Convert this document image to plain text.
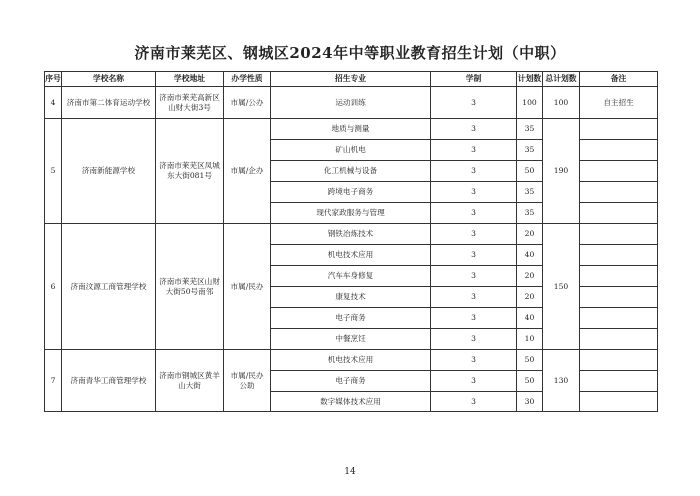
济南市莱芜区、钢城区2024年中等职业教育招生计划（中职）
序号	学校名称	学校地址	办学性质	招生专业	学制	计划数	总计划数	备注
4	济南市第二体育运动学校	济南市莱芜高新区山财大街3号	市属/公办	运动训练	3	100	100	自主招生
5	济南新能源学校	济南市莱芜区凤城东大街081号	市属/企办	地质与测量	3	35	190	
				矿山机电	3	35		
				化工机械与设备	3	50		
				跨境电子商务	3	35		
				现代家政服务与管理	3	35		
6	济南汶源工商管理学校	济南市莱芜区山财大街50号南邻	市属/民办	钢铁冶炼技术	3	20	150	
				机电技术应用	3	40		
				汽车车身修复	3	20		
				康复技术	3	20		
				电子商务	3	40		
				中餐烹饪	3	10		
7	济南青华工商管理学校	济南市钢城区黄羊山大街	市属/民办公助	机电技术应用	3	50	130	
				电子商务	3	50		
				数字媒体技术应用	3	30		
14
